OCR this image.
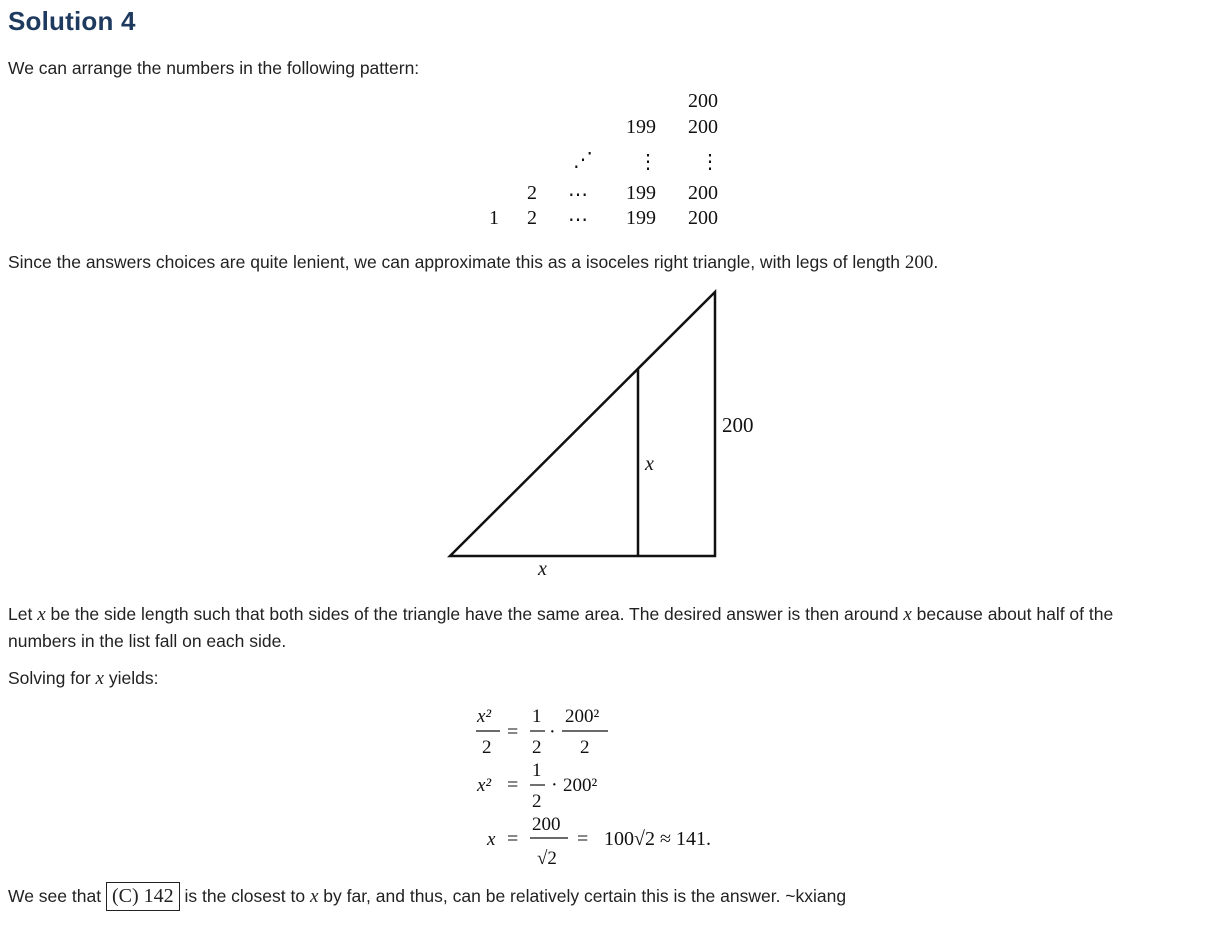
Solution 4
We can arrange the numbers in the following pattern:
200
199 200
⋰ ⋮ ⋮
2 ⋯ 199 200
1 2 ⋯ 199 200
Since the answers choices are quite lenient, we can approximate this as a isoceles right triangle, with legs of length 200.
200
x
x
Let x be the side length such that both sides of the triangle have the same area. The desired answer is then around x because about half of the
numbers in the list fall on each side.
Solving for x yields:
x²
2
=
1
2
·
200²
2
x² =
1
2
· 200²
x =
200
√2
= 100√2 ≈ 141.
We see that (C) 142 is the closest to x by far, and thus, can be relatively certain this is the answer. ~kxiang
